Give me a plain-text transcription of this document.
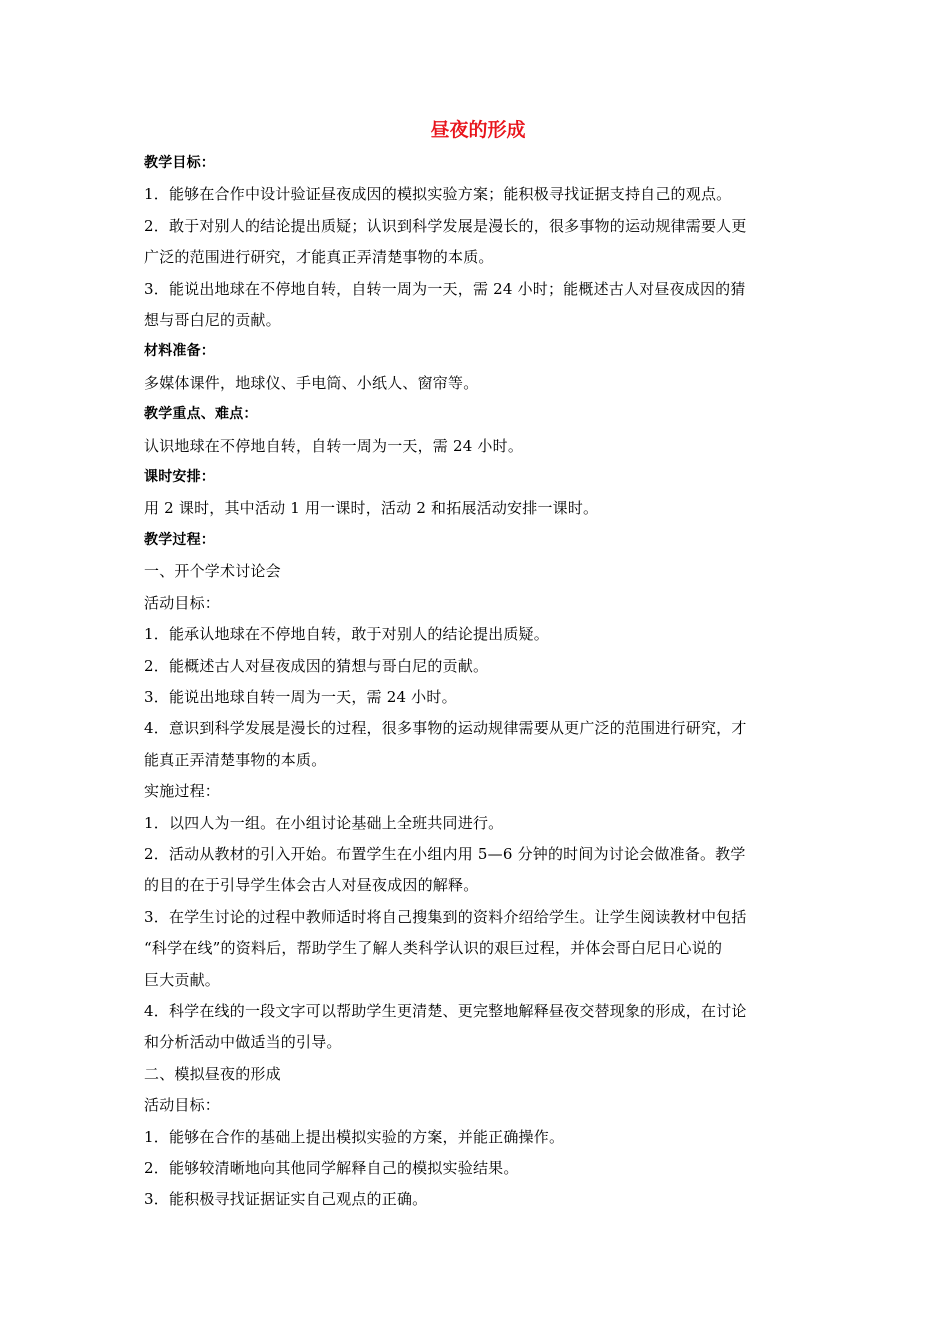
昼夜的形成
教学目标：
1．能够在合作中设计验证昼夜成因的模拟实验方案；能积极寻找证据支持自己的观点。
2．敢于对别人的结论提出质疑；认识到科学发展是漫长的，很多事物的运动规律需要人更
广泛的范围进行研究，才能真正弄清楚事物的本质。
3．能说出地球在不停地自转，自转一周为一天，需 24 小时；能概述古人对昼夜成因的猜
想与哥白尼的贡献。
材料准备：
多媒体课件，地球仪、手电筒、小纸人、窗帘等。
教学重点、难点：
认识地球在不停地自转，自转一周为一天，需 24 小时。
课时安排：
用 2 课时，其中活动 1 用一课时，活动 2 和拓展活动安排一课时。
教学过程：
一、开个学术讨论会
活动目标：
1．能承认地球在不停地自转，敢于对别人的结论提出质疑。
2．能概述古人对昼夜成因的猜想与哥白尼的贡献。
3．能说出地球自转一周为一天，需 24 小时。
4．意识到科学发展是漫长的过程，很多事物的运动规律需要从更广泛的范围进行研究，才
能真正弄清楚事物的本质。
实施过程：
1．以四人为一组。在小组讨论基础上全班共同进行。
2．活动从教材的引入开始。布置学生在小组内用 5—6 分钟的时间为讨论会做准备。教学
的目的在于引导学生体会古人对昼夜成因的解释。
3．在学生讨论的过程中教师适时将自己搜集到的资料介绍给学生。让学生阅读教材中包括
“科学在线”的资料后，帮助学生了解人类科学认识的艰巨过程，并体会哥白尼日心说的
巨大贡献。
4．科学在线的一段文字可以帮助学生更清楚、更完整地解释昼夜交替现象的形成，在讨论
和分析活动中做适当的引导。
二、模拟昼夜的形成
活动目标：
1．能够在合作的基础上提出模拟实验的方案，并能正确操作。
2．能够较清晰地向其他同学解释自己的模拟实验结果。
3．能积极寻找证据证实自己观点的正确。
